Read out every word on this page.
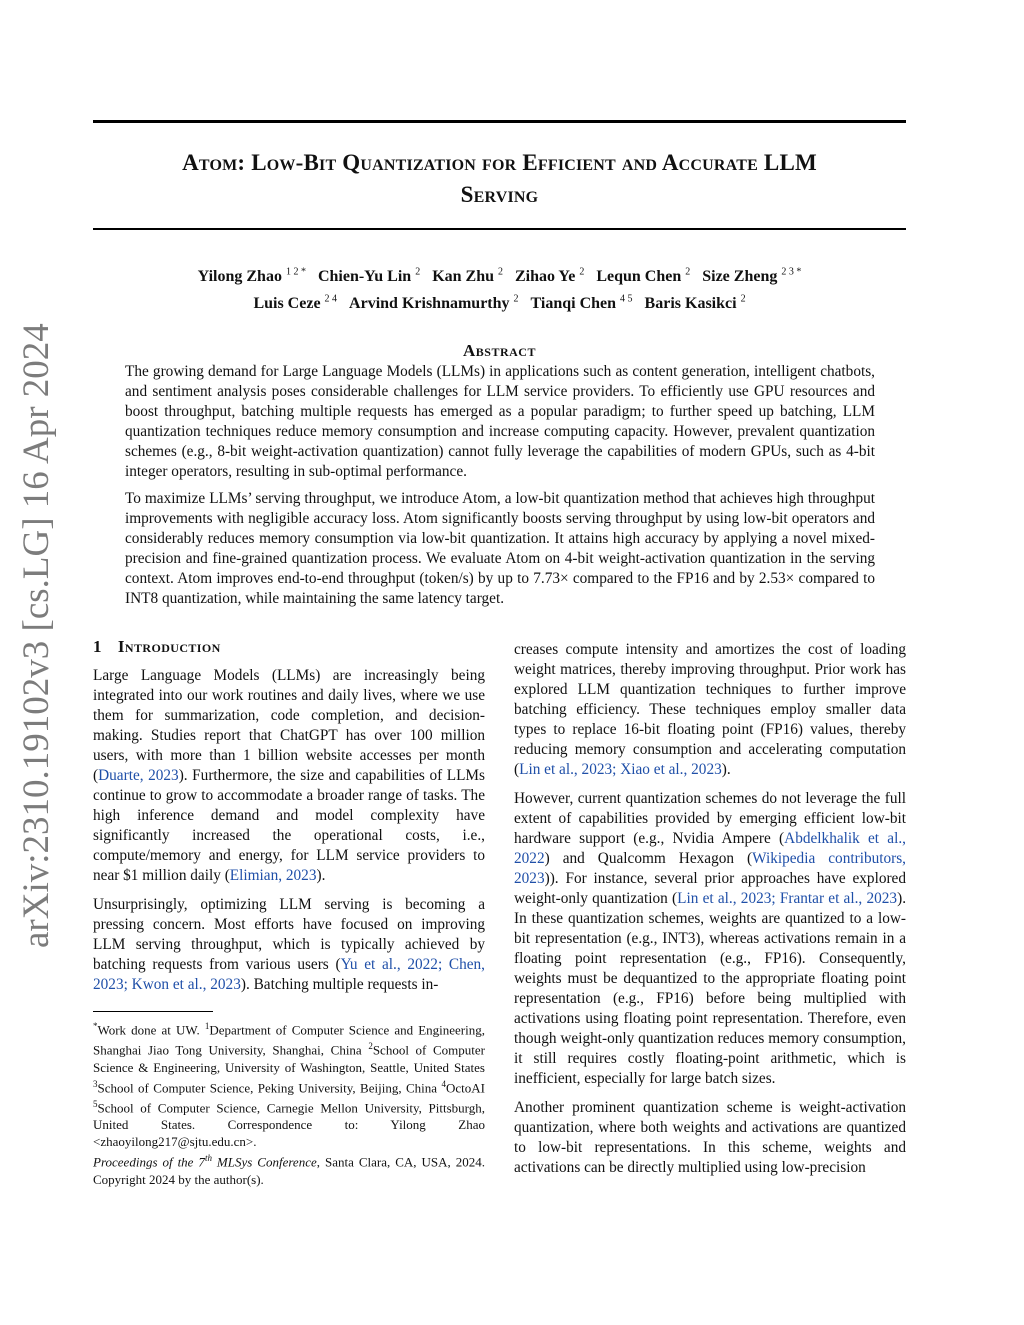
arXiv:2310.19102v3 [cs.LG] 16 Apr 2024
Atom: Low-Bit Quantization for Efficient and Accurate LLM
Serving
Yilong Zhao $^{1 2 *}$ Chien-Yu Lin $^2$ Kan Zhu $^2$ Zihao Ye $^2$ Lequn Chen $^2$ Size Zheng $^{2 3 *}$
Luis Ceze $^{2 4}$ Arvind Krishnamurthy $^2$ Tianqi Chen $^{4 5}$ Baris Kasikci $^2$
Abstract

The growing demand for Large Language Models (LLMs) in applications such as content generation, intelligent chatbots, and sentiment analysis poses considerable challenges for LLM service providers. To efficiently use GPU resources and boost throughput, batching multiple requests has emerged as a popular paradigm; to further speed up batching, LLM quantization techniques reduce memory consumption and increase computing capacity. However, prevalent quantization schemes (e.g., 8-bit weight-activation quantization) cannot fully leverage the capabilities of modern GPUs, such as 4-bit integer operators, resulting in sub-optimal performance.

To maximize LLMs’ serving throughput, we introduce Atom, a low-bit quantization method that achieves high throughput improvements with negligible accuracy loss. Atom significantly boosts serving throughput by using low-bit operators and considerably reduces memory consumption via low-bit quantization. It attains high accuracy by applying a novel mixed-precision and fine-grained quantization process. We evaluate Atom on 4-bit weight-activation quantization in the serving context. Atom improves end-to-end throughput (token/s) by up to 7.73× compared to the FP16 and by 2.53× compared to INT8 quantization, while maintaining the same latency target.

1 Introduction

Large Language Models (LLMs) are increasingly being integrated into our work routines and daily lives, where we use them for summarization, code completion, and decision-making. Studies report that ChatGPT has over 100 million users, with more than 1 billion website accesses per month (Duarte, 2023). Furthermore, the size and capabilities of LLMs continue to grow to accommodate a broader range of tasks. The high inference demand and model complexity have significantly increased the operational costs, i.e., compute/memory and energy, for LLM service providers to near $1 million daily (Elimian, 2023).

Unsurprisingly, optimizing LLM serving is becoming a pressing concern. Most efforts have focused on improving LLM serving throughput, which is typically achieved by batching requests from various users (Yu et al., 2022; Chen, 2023; Kwon et al., 2023). Batching multiple requests in-

*Work done at UW. $^1$Department of Computer Science and Engineering, Shanghai Jiao Tong University, Shanghai, China $^2$School of Computer Science & Engineering, University of Washington, Seattle, United States $^3$School of Computer Science, Peking University, Beijing, China $^4$OctoAI $^5$School of Computer Science, Carnegie Mellon University, Pittsburgh, United States. Correspondence to: Yilong Zhao <zhaoyilong217@sjtu.edu.cn>.

Proceedings of the 7th MLSys Conference, Santa Clara, CA, USA, 2024. Copyright 2024 by the author(s).

creases compute intensity and amortizes the cost of loading weight matrices, thereby improving throughput. Prior work has explored LLM quantization techniques to further improve batching efficiency. These techniques employ smaller data types to replace 16-bit floating point (FP16) values, thereby reducing memory consumption and accelerating computation (Lin et al., 2023; Xiao et al., 2023).

However, current quantization schemes do not leverage the full extent of capabilities provided by emerging efficient low-bit hardware support (e.g., Nvidia Ampere (Abdelkhalik et al., 2022) and Qualcomm Hexagon (Wikipedia contributors, 2023)). For instance, several prior approaches have explored weight-only quantization (Lin et al., 2023; Frantar et al., 2023). In these quantization schemes, weights are quantized to a low-bit representation (e.g., INT3), whereas activations remain in a floating point representation (e.g., FP16). Consequently, weights must be dequantized to the appropriate floating point representation (e.g., FP16) before being multiplied with activations using floating point representation. Therefore, even though weight-only quantization reduces memory consumption, it still requires costly floating-point arithmetic, which is inefficient, especially for large batch sizes.

Another prominent quantization scheme is weight-activation quantization, where both weights and activations are quantized to low-bit representations. In this scheme, weights and activations can be directly multiplied using low-precision
